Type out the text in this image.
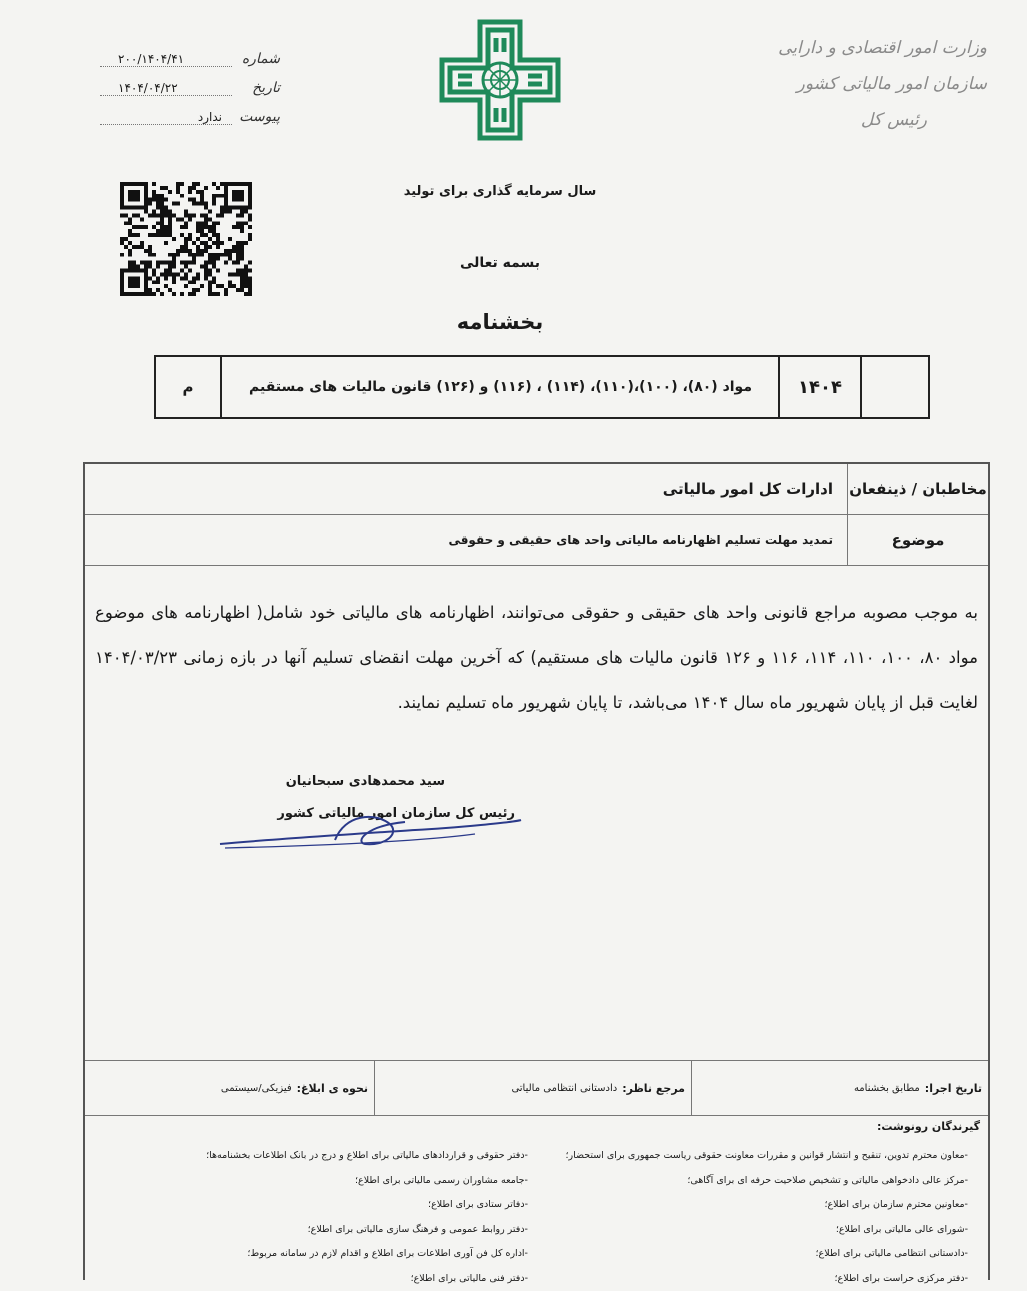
وزارت امور اقتصادی و دارایی
سازمان امور مالیاتی کشور
رئیس کل
شماره
۲۰۰/۱۴۰۴/۴۱
تاریخ
۱۴۰۴/۰۴/۲۲
پیوست
ندارد
سال سرمایه گذاری برای تولید
بسمه تعالی
بخشنامه
۱۴۰۴
مواد (۸۰)، (۱۰۰)،(۱۱۰)، (۱۱۴) ، (۱۱۶) و (۱۲۶) قانون مالیات های مستقیم
م
مخاطبان / ذینفعان
ادارات کل امور مالیاتی
موضوع
تمدید مهلت تسلیم اظهارنامه مالیاتی واحد های حقیقی و حقوقی
به موجب مصوبه مراجع قانونی واحد های حقیقی و حقوقی می‌توانند، اظهارنامه های مالیاتی خود شامل( اظهارنامه های موضوع مواد ۸۰، ۱۰۰، ۱۱۰، ۱۱۴، ۱۱۶ و ۱۲۶ قانون مالیات های مستقیم) که آخرین مهلت انقضای تسلیم آنها در بازه زمانی ۱۴۰۴/۰۳/۲۳ لغایت قبل از پایان شهریور ماه سال ۱۴۰۴ می‌باشد، تا پایان شهریور ماه تسلیم نمایند.
سید محمدهادی سبحانیان
رئیس کل سازمان امور مالیاتی کشور
تاریخ اجرا:
مطابق بخشنامه
مرجع ناظر:
دادستانی انتظامی مالیاتی
نحوه ی ابلاغ:
فیزیکی/سیستمی
گیرندگان رونوشت:
-معاون محترم تدوین، تنقیح و انتشار قوانین و مقررات معاونت حقوقی ریاست جمهوری برای استحضار؛
-مرکز عالی دادخواهی مالیاتی و تشخیص صلاحیت حرفه ای برای آگاهی؛
-معاونین محترم سازمان برای اطلاع؛
-شورای عالی مالیاتی برای اطلاع؛
-دادستانی انتظامی مالیاتی برای اطلاع؛
-دفتر مرکزی حراست برای اطلاع؛
-دفتر حقوقی و قراردادهای مالیاتی برای اطلاع و درج در بانک اطلاعات بخشنامه‌ها؛
-جامعه مشاوران رسمی مالیاتی برای اطلاع؛
-دفاتر ستادی برای اطلاع؛
-دفتر روابط عمومی و فرهنگ سازی مالیاتی برای اطلاع؛
-اداره کل فن آوری اطلاعات برای اطلاع و اقدام لازم در سامانه مربوط؛
-دفتر فنی مالیاتی برای اطلاع؛
